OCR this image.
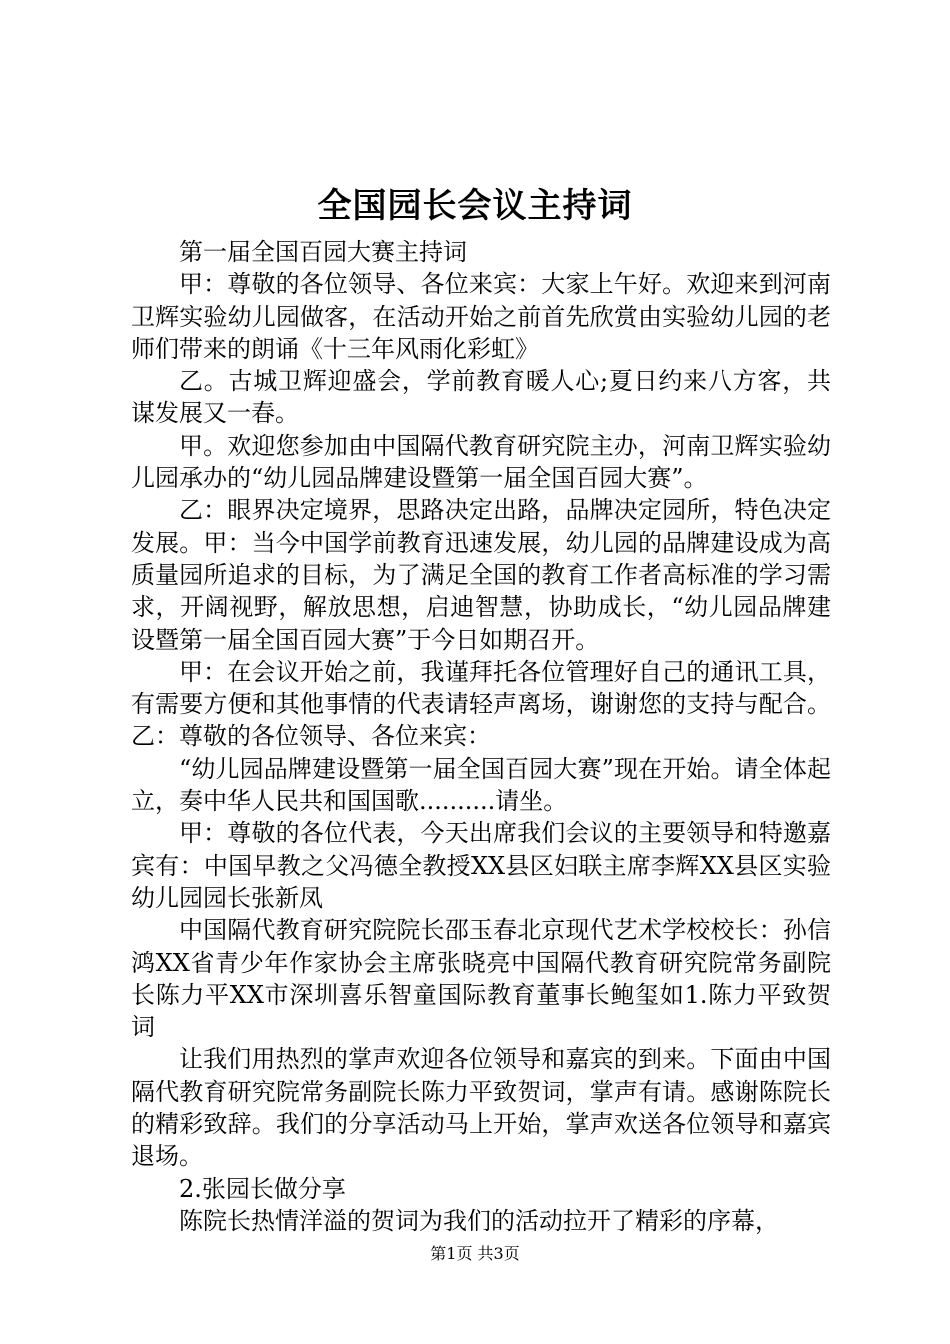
全国园长会议主持词

第一届全国百园大赛主持词

甲：尊敬的各位领导、各位来宾：大家上午好。欢迎来到河南卫辉实验幼儿园做客，在活动开始之前首先欣赏由实验幼儿园的老师们带来的朗诵《十三年风雨化彩虹》

乙。古城卫辉迎盛会，学前教育暖人心;夏日约来八方客，共谋发展又一春。

甲。欢迎您参加由中国隔代教育研究院主办，河南卫辉实验幼儿园承办的“幼儿园品牌建设暨第一届全国百园大赛”。

乙：眼界决定境界，思路决定出路，品牌决定园所，特色决定发展。甲：当今中国学前教育迅速发展，幼儿园的品牌建设成为高质量园所追求的目标，为了满足全国的教育工作者高标准的学习需求，开阔视野，解放思想，启迪智慧，协助成长，“幼儿园品牌建设暨第一届全国百园大赛”于今日如期召开。

甲：在会议开始之前，我谨拜托各位管理好自己的通讯工具，有需要方便和其他事情的代表请轻声离场，谢谢您的支持与配合。乙：尊敬的各位领导、各位来宾：

“幼儿园品牌建设暨第一届全国百园大赛”现在开始。请全体起立，奏中华人民共和国国歌..........请坐。

甲：尊敬的各位代表，今天出席我们会议的主要领导和特邀嘉宾有：中国早教之父冯德全教授XX县区妇联主席李辉XX县区实验幼儿园园长张新凤

中国隔代教育研究院院长邵玉春北京现代艺术学校校长：孙信鸿XX省青少年作家协会主席张晓亮中国隔代教育研究院常务副院长陈力平XX市深圳喜乐智童国际教育董事长鲍玺如1.陈力平致贺词

让我们用热烈的掌声欢迎各位领导和嘉宾的到来。下面由中国隔代教育研究院常务副院长陈力平致贺词，掌声有请。感谢陈院长的精彩致辞。我们的分享活动马上开始，掌声欢送各位领导和嘉宾退场。

2.张园长做分享

陈院长热情洋溢的贺词为我们的活动拉开了精彩的序幕，

第1页 共3页
